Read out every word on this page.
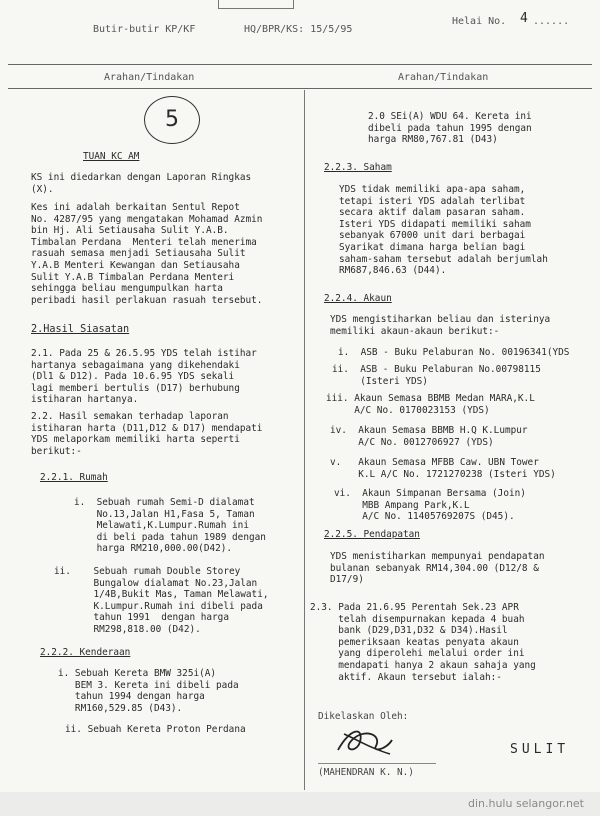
Butir-butir KP/KF	HQ/BPR/KS: 15/5/95
Helai No. 4 ......
Arahan/Tindakan	Arahan/Tindakan
5
TUAN KC AM
KS ini diedarkan dengan Laporan Ringkas
(X).
Kes ini adalah berkaitan Sentul Repot
No. 4287/95 yang mengatakan Mohamad Azmin
bin Hj. Ali Setiausaha Sulit Y.A.B.
Timbalan Perdana  Menteri telah menerima
rasuah semasa menjadi Setiausaha Sulit
Y.A.B Menteri Kewangan dan Setiausaha
Sulit Y.A.B Timbalan Perdana Menteri
sehingga beliau mengumpulkan harta
peribadi hasil perlakuan rasuah tersebut.
2.Hasil Siasatan
2.1. Pada 25 & 26.5.95 YDS telah istihar
hartanya sebagaimana yang dikehendaki
(Dl1 & D12). Pada 10.6.95 YDS sekali
lagi memberi bertulis (D17) berhubung
istiharan hartanya.
2.2. Hasil semakan terhadap laporan
istiharan harta (D11,D12 & D17) mendapati
YDS melaporkam memiliki harta seperti
berikut:-
2.2.1. Rumah
i.  Sebuah rumah Semi-D dialamat
No.13,Jalan H1,Fasa 5, Taman
Melawati,K.Lumpur.Rumah ini
di beli pada tahun 1989 dengan
harga RM210,000.00(D42).
ii.    Sebuah rumah Double Storey
Bungalow dialamat No.23,Jalan
1/4B,Bukit Mas, Taman Melawati,
K.Lumpur.Rumah ini dibeli pada
tahun 1991  dengan harga
RM298,818.00 (D42).
2.2.2. Kenderaan
i. Sebuah Kereta BMW 325i(A)
BEM 3. Kereta ini dibeli pada
tahun 1994 dengan harga
RM160,529.85 (D43).
ii. Sebuah Kereta Proton Perdana
2.0 SEi(A) WDU 64. Kereta ini
dibeli pada tahun 1995 dengan
harga RM80,767.81 (D43)
2.2.3. Saham
YDS tidak memiliki apa-apa saham,
tetapi isteri YDS adalah terlibat
secara aktif dalam pasaran saham.
Isteri YDS didapati memiliki saham
sebanyak 67000 unit dari berbagai
Syarikat dimana harga belian bagi
saham-saham tersebut adalah berjumlah
RM687,846.63 (D44).
2.2.4. Akaun
YDS mengistiharkan beliau dan isterinya
memiliki akaun-akaun berikut:-
i.  ASB - Buku Pelaburan No. 00196341(YDS
ii.  ASB - Buku Pelaburan No.00798115
(Isteri YDS)
iii. Akaun Semasa BBMB Medan MARA,K.L
A/C No. 0170023153 (YDS)
iv.  Akaun Semasa BBMB H.Q K.Lumpur
A/C No. 0012706927 (YDS)
v.   Akaun Semasa MFBB Caw. UBN Tower
K.L A/C No. 1721270238 (Isteri YDS)
vi.  Akaun Simpanan Bersama (Join)
MBB Ampang Park,K.L
A/C No. 11405769207S (D45).
2.2.5. Pendapatan
YDS menistiharkan mempunyai pendapatan
bulanan sebanyak RM14,304.00 (D12/8 &
D17/9)
2.3. Pada 21.6.95 Perentah Sek.23 APR
telah disempurnakan kepada 4 buah
bank (D29,D31,D32 & D34).Hasil
pemeriksaan keatas penyata akaun
yang diperolehi melalui order ini
mendapati hanya 2 akaun sahaja yang
aktif. Akaun tersebut ialah:-
Dikelaskan Oleh:
SULIT
(MAHENDRAN K. N.)
din.hulu selangor.net
